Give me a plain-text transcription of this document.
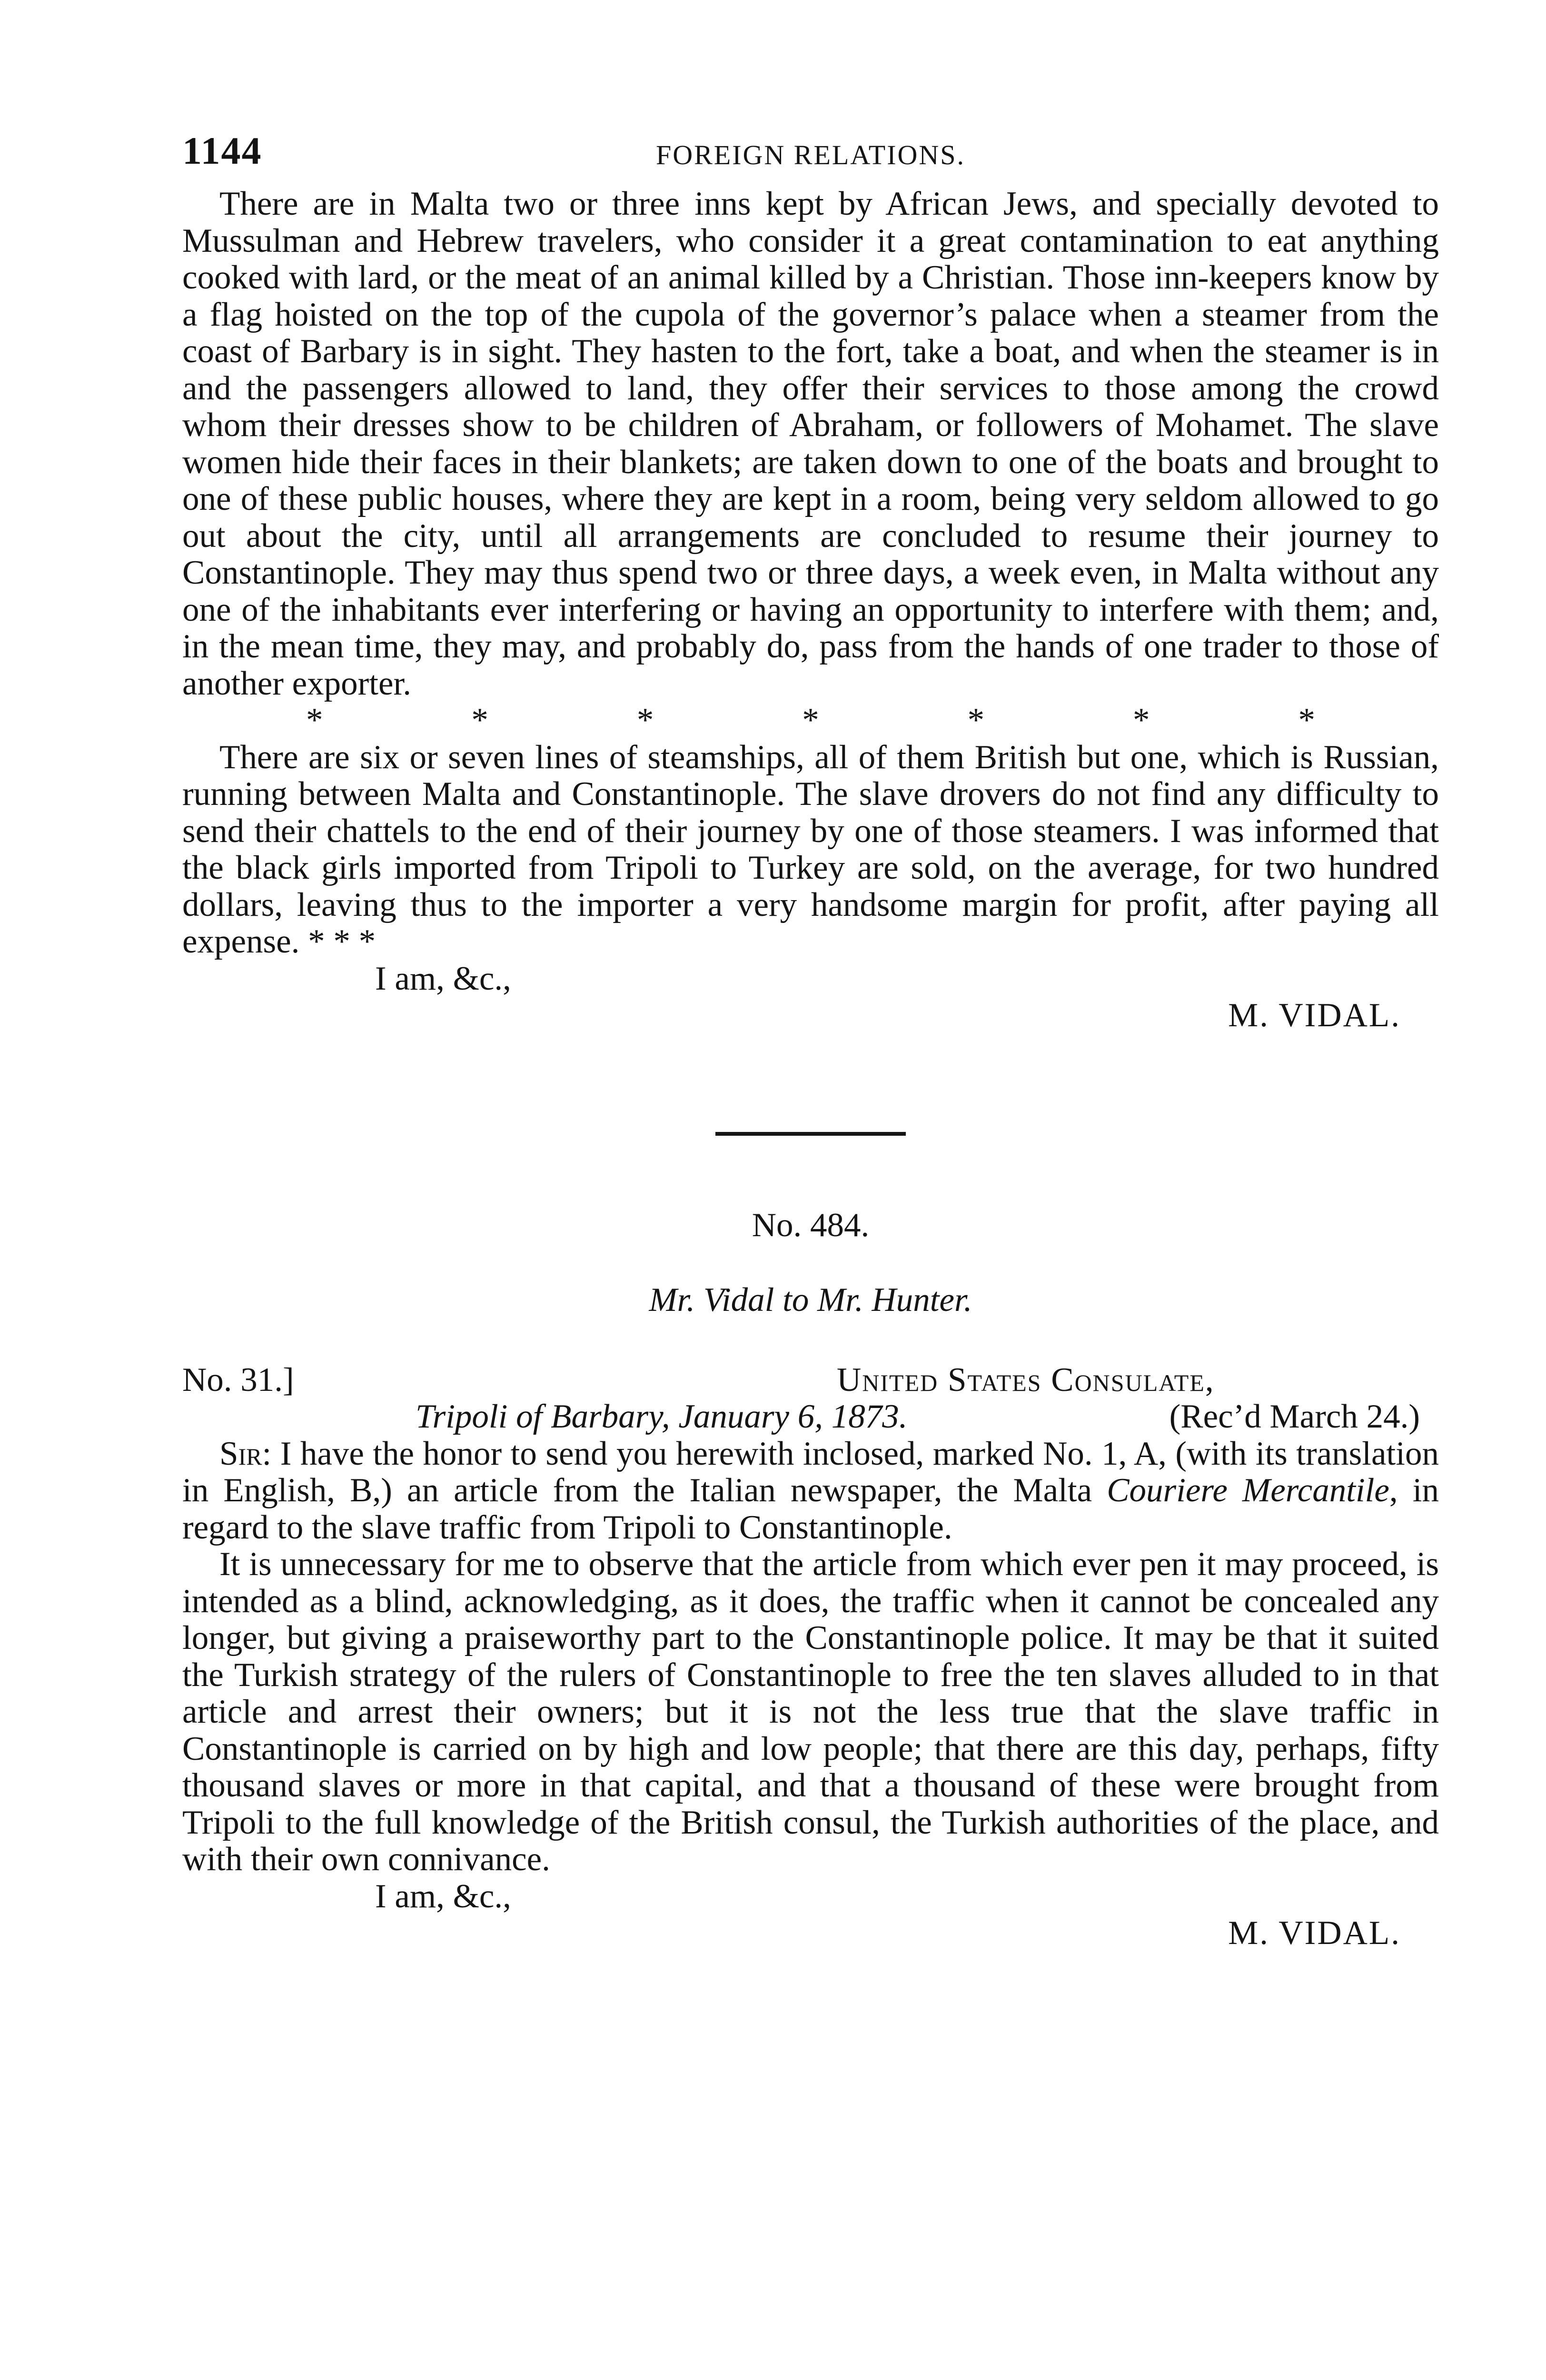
1144	FOREIGN RELATIONS.

There are in Malta two or three inns kept by African Jews, and specially devoted to Mussulman and Hebrew travelers, who consider it a great contamination to eat anything cooked with lard, or the meat of an animal killed by a Christian. Those inn-keepers know by a flag hoisted on the top of the cupola of the governor’s palace when a steamer from the coast of Barbary is in sight. They hasten to the fort, take a boat, and when the steamer is in and the passengers allowed to land, they offer their services to those among the crowd whom their dresses show to be children of Abraham, or followers of Mohamet. The slave women hide their faces in their blankets; are taken down to one of the boats and brought to one of these public houses, where they are kept in a room, being very seldom allowed to go out about the city, until all arrangements are concluded to resume their journey to Constantinople. They may thus spend two or three days, a week even, in Malta without any one of the inhabitants ever interfering or having an opportunity to interfere with them; and, in the mean time, they may, and probably do, pass from the hands of one trader to those of another exporter.

*	*	*	*	*	*	*

There are six or seven lines of steamships, all of them British but one, which is Russian, running between Malta and Constantinople. The slave drovers do not find any difficulty to send their chattels to the end of their journey by one of those steamers. I was informed that the black girls imported from Tripoli to Turkey are sold, on the average, for two hundred dollars, leaving thus to the importer a very handsome margin for profit, after paying all expense. * * *

I am, &c.,
M. VIDAL.
No. 484.
Mr. Vidal to Mr. Hunter.
No. 31.]	United States Consulate,
Tripoli of Barbary, January 6, 1873.	(Rec’d March 24.)

Sir: I have the honor to send you herewith inclosed, marked No. 1, A, (with its translation in English, B,) an article from the Italian newspaper, the Malta Couriere Mercantile, in regard to the slave traffic from Tripoli to Constantinople.

It is unnecessary for me to observe that the article from which ever pen it may proceed, is intended as a blind, acknowledging, as it does, the traffic when it cannot be concealed any longer, but giving a praiseworthy part to the Constantinople police. It may be that it suited the Turkish strategy of the rulers of Constantinople to free the ten slaves alluded to in that article and arrest their owners; but it is not the less true that the slave traffic in Constantinople is carried on by high and low people; that there are this day, perhaps, fifty thousand slaves or more in that capital, and that a thousand of these were brought from Tripoli to the full knowledge of the British consul, the Turkish authorities of the place, and with their own connivance.

I am, &c.,
M. VIDAL.
